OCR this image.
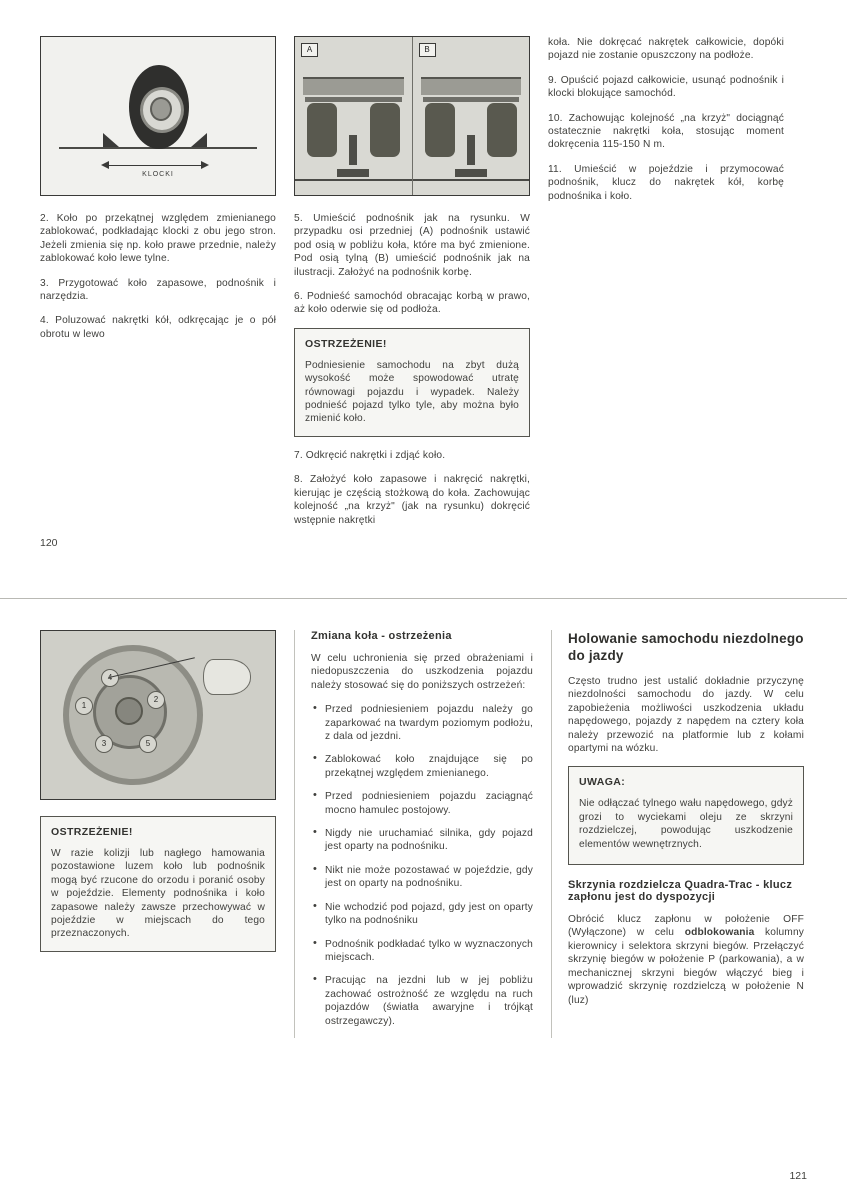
KLOCKI

2. Koło po przekątnej względem zmienianego zablokować, podkładając klocki z obu jego stron. Jeżeli zmienia się np. koło prawe przednie, należy zablokować koło lewe tylne.

3. Przygotować koło zapasowe, podnośnik i narzędzia.

4. Poluzować nakrętki kół, odkręcając je o pół obrotu w lewo

A	B

5. Umieścić podnośnik jak na rysunku. W przypadku osi przedniej (A) podnośnik ustawić pod osią w pobliżu koła, które ma być zmienione. Pod osią tylną (B) umieścić podnośnik jak na ilustracji. Założyć na podnośnik korbę.

6. Podnieść samochód obracając korbą w prawo, aż koło oderwie się od podłoża.

OSTRZEŻENIE!

Podniesienie samochodu na zbyt dużą wysokość może spowodować utratę równowagi pojazdu i wypadek. Należy podnieść pojazd tylko tyle, aby można było zmienić koło.

7. Odkręcić nakrętki i zdjąć koło.

8. Założyć koło zapasowe i nakręcić nakrętki, kierując je częścią stożkową do koła. Zachowując kolejność „na krzyż" (jak na rysunku) dokręcić wstępnie nakrętki

koła. Nie dokręcać nakrętek całkowicie, dopóki pojazd nie zostanie opuszczony na podłoże.

9. Opuścić pojazd całkowicie, usunąć podnośnik i klocki blokujące samochód.

10. Zachowując kolejność „na krzyż" dociągnąć ostatecznie nakrętki koła, stosując moment dokręcenia 115-150 N m.

11. Umieścić w pojeździe i przymocować podnośnik, klucz do nakrętek kół, korbę podnośnika i koło.

120
2
1
3	5
OSTRZEŻENIE!

W razie kolizji lub nagłego hamowania pozostawione luzem koło lub podnośnik mogą być rzucone do orzodu i poranić osoby w pojeździe. Elementy podnośnika i koło zapasowe należy zawsze przechowywać w pojeździe w miejscach do tego przeznaczonych.

Zmiana koła - ostrzeżenia

W celu uchronienia się przed obrażeniami i niedopuszczenia do uszkodzenia pojazdu należy stosować się do poniższych ostrzeżeń:

• Przed podniesieniem pojazdu należy go zaparkować na twardym poziomym podłożu, z dala od jezdni.
• Zablokować koło znajdujące się po przekątnej względem zmienianego.
• Przed podniesieniem pojazdu zaciągnąć mocno hamulec postojowy.
• Nigdy nie uruchamiać silnika, gdy pojazd jest oparty na podnośniku.
• Nikt nie może pozostawać w pojeździe, gdy jest on oparty na podnośniku.
• Nie wchodzić pod pojazd, gdy jest on oparty tylko na podnośniku
• Podnośnik podkładać tylko w wyznaczonych miejscach.
• Pracując na jezdni lub w jej pobliżu zachować ostrożność ze względu na ruch pojazdów (światła awaryjne i trójkąt ostrzegawczy).
Holowanie samochodu niezdolnego do jazdy

Często trudno jest ustalić dokładnie przyczynę niezdolności samochodu do jazdy. W celu zapobieżenia możliwości uszkodzenia układu napędowego, pojazdy z napędem na cztery koła należy przewozić na platformie lub z kołami opartymi na wózku.

UWAGA:

Nie odłączać tylnego wału napędowego, gdyż grozi to wyciekami oleju ze skrzyni rozdzielczej, powodując uszkodzenie elementów wewnętrznych.

Skrzynia rozdzielcza Quadra-Trac - klucz zapłonu jest do dyspozycji

Obrócić klucz zapłonu w położenie OFF (Wyłączone) w celu odblokowania kolumny kierownicy i selektora skrzyni biegów. Przełączyć skrzynię biegów w położenie P (parkowania), a w mechanicznej skrzyni biegów włączyć bieg i wprowadzić skrzynię rozdzielczą w położenie N (luz)

121
